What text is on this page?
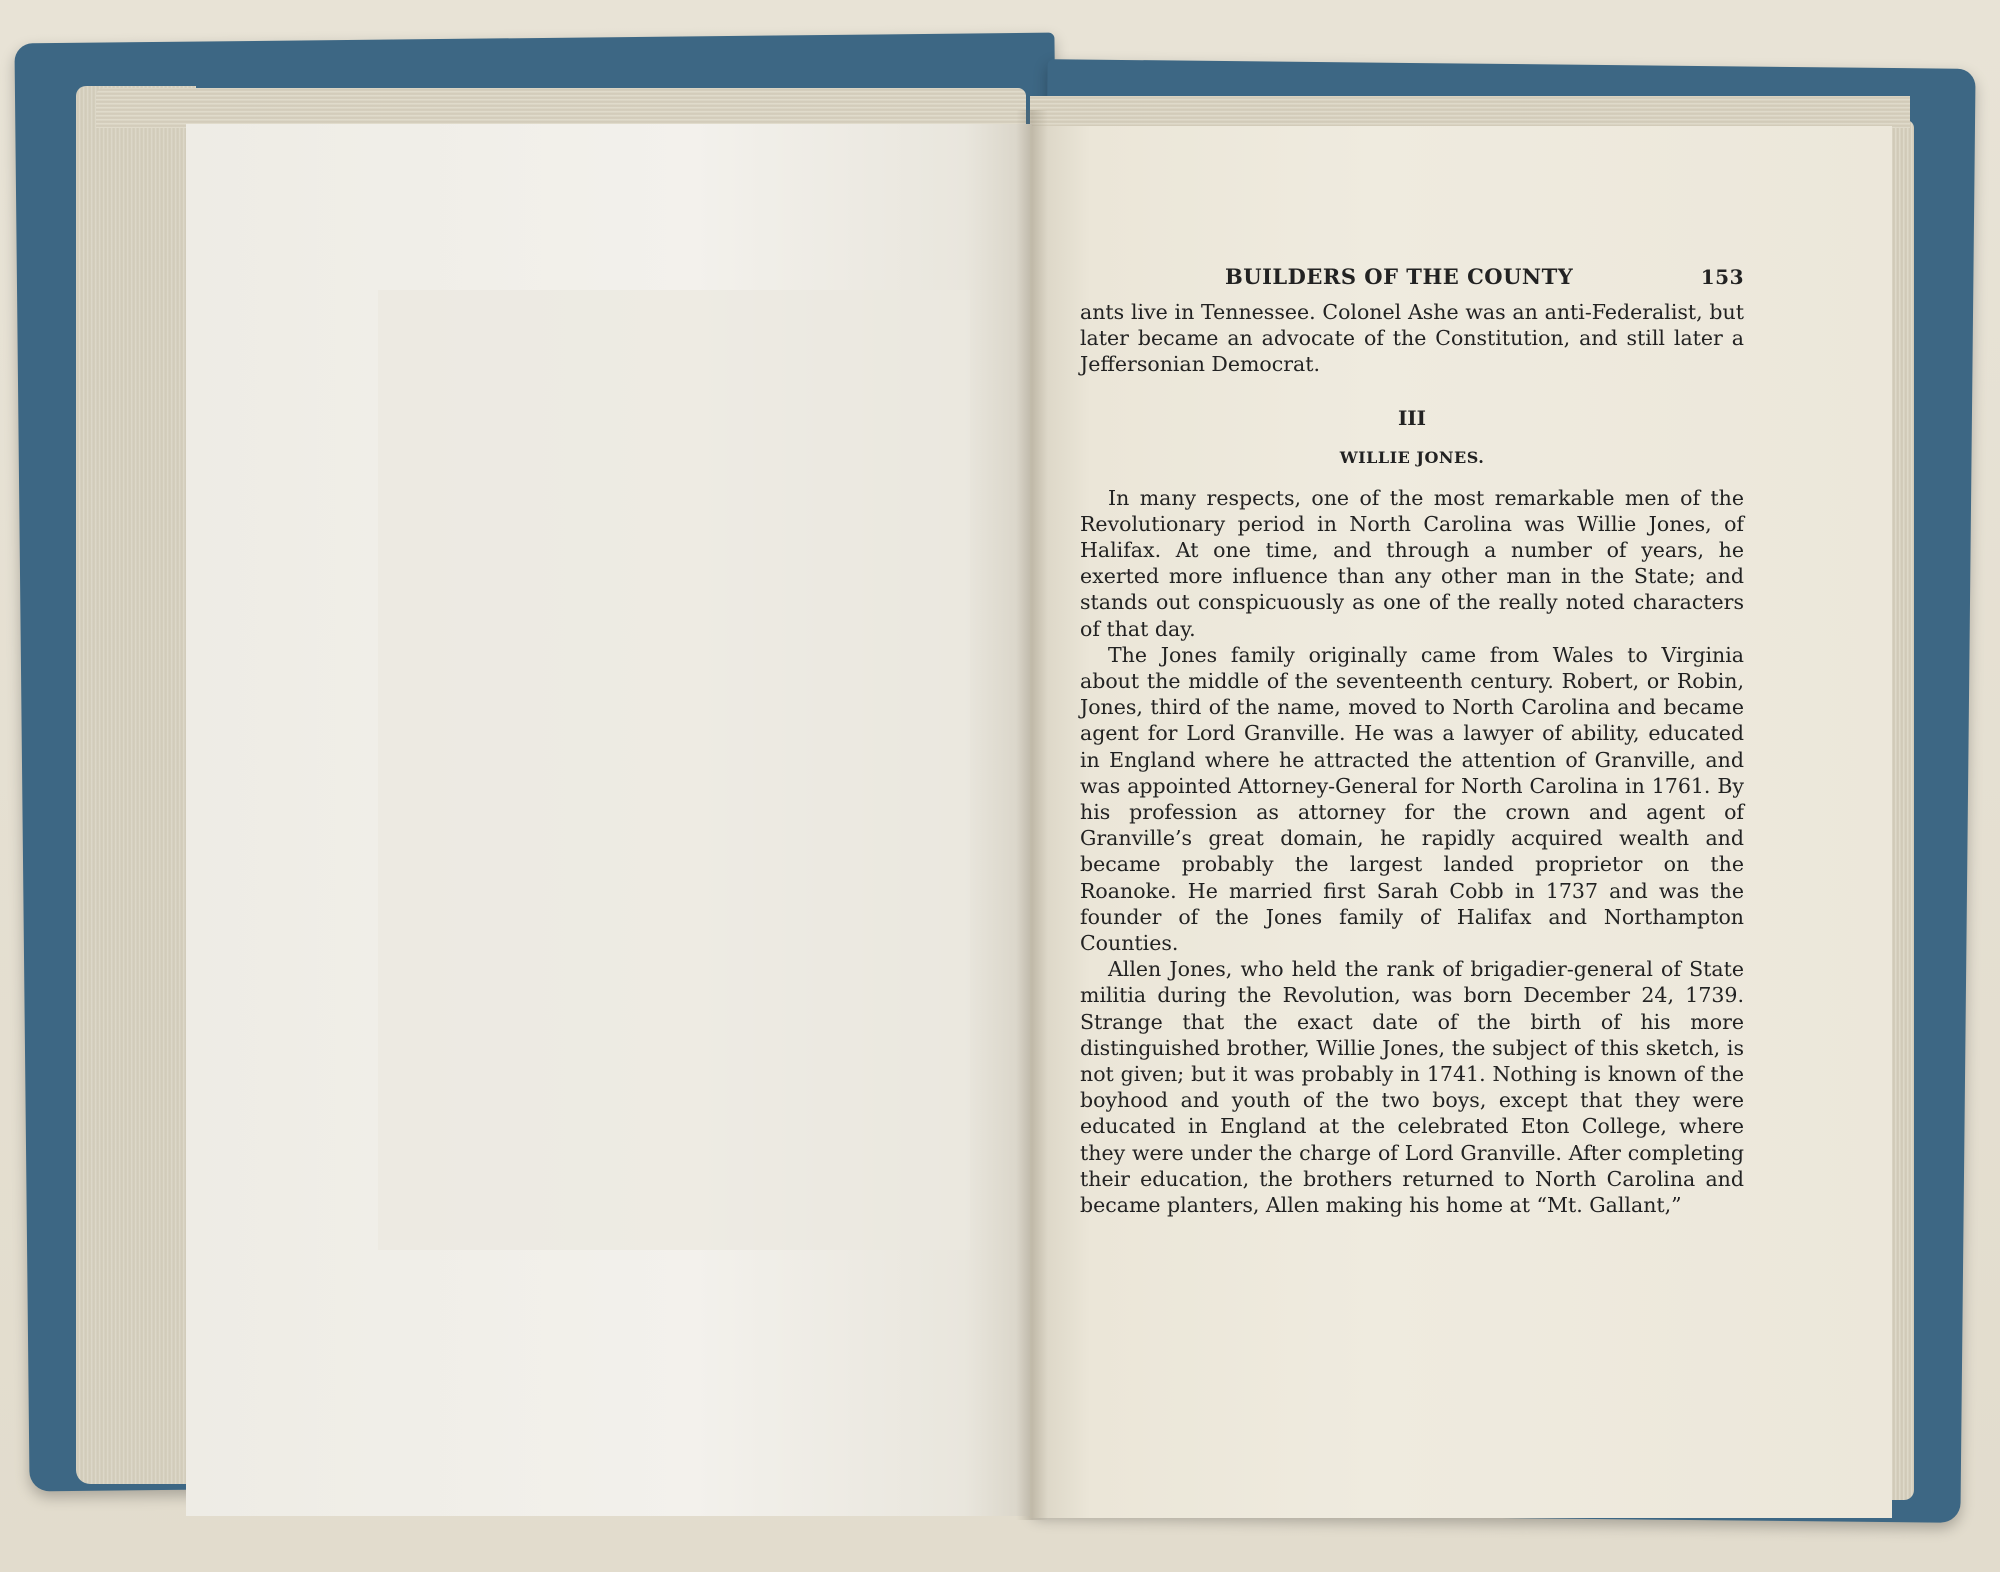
BUILDERS OF THE COUNTY	153

ants live in Tennessee. Colonel Ashe was an anti-Federalist, but later became an advocate of the Constitution, and still later a Jeffersonian Democrat.

III
WILLIE JONES.

In many respects, one of the most remarkable men of the Revolutionary period in North Carolina was Willie Jones, of Halifax. At one time, and through a number of years, he exerted more influence than any other man in the State; and stands out conspicuously as one of the really noted characters of that day.

The Jones family originally came from Wales to Virginia about the middle of the seventeenth century. Robert, or Robin, Jones, third of the name, moved to North Carolina and became agent for Lord Granville. He was a lawyer of ability, educated in England where he attracted the attention of Granville, and was appointed Attorney-General for North Carolina in 1761. By his profession as attorney for the crown and agent of Granville’s great domain, he rapidly acquired wealth and became probably the largest landed proprietor on the Roanoke. He married first Sarah Cobb in 1737 and was the founder of the Jones family of Halifax and Northampton Counties.

Allen Jones, who held the rank of brigadier-general of State militia during the Revolution, was born December 24, 1739. Strange that the exact date of the birth of his more distinguished brother, Willie Jones, the subject of this sketch, is not given; but it was probably in 1741. Nothing is known of the boyhood and youth of the two boys, except that they were educated in England at the celebrated Eton College, where they were under the charge of Lord Granville. After completing their education, the brothers returned to North Carolina and became planters, Allen making his home at “Mt. Gallant,”
